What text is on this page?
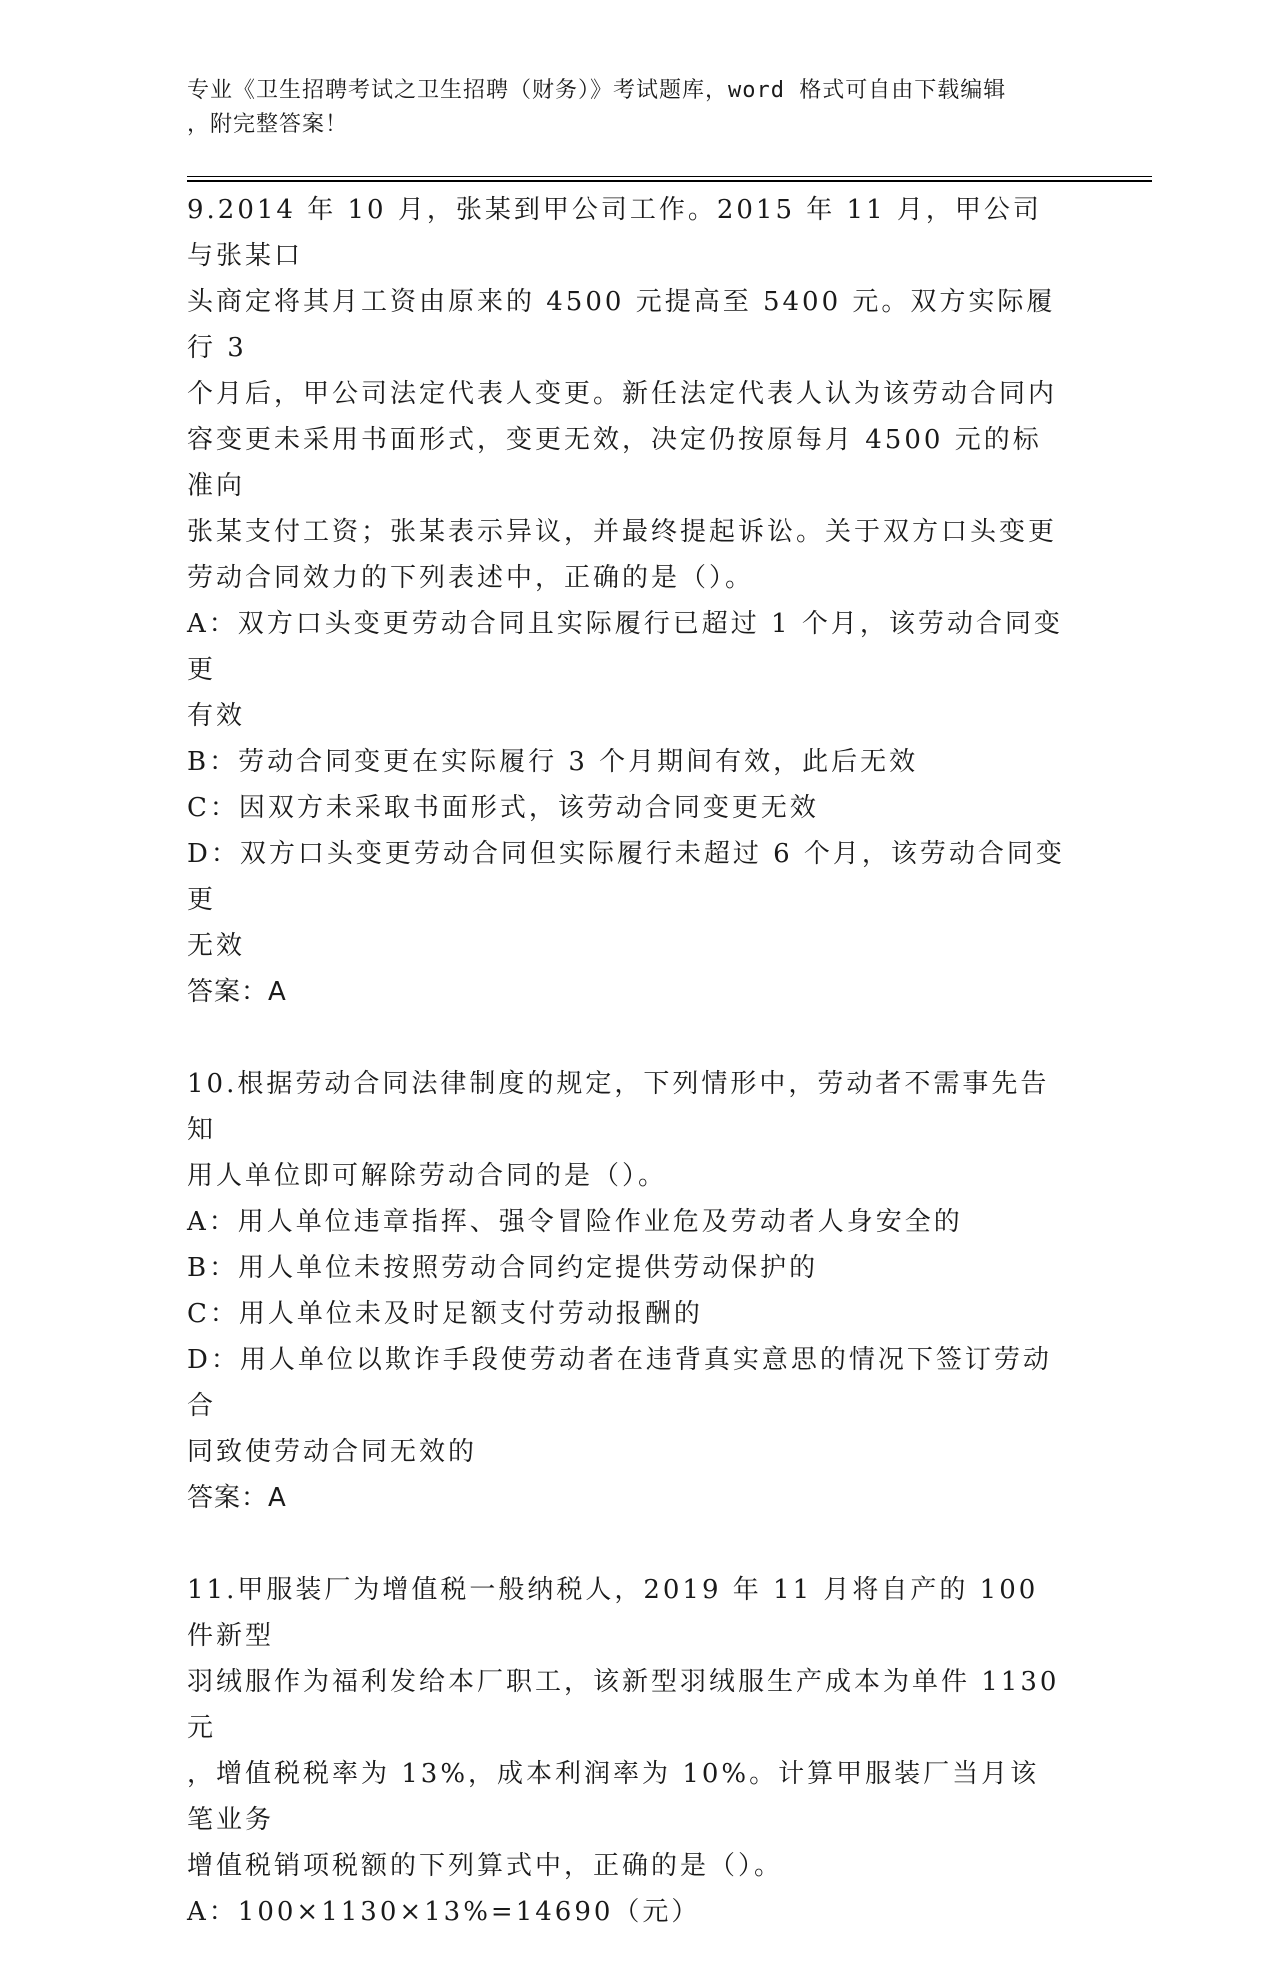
专业《卫生招聘考试之卫生招聘（财务）》考试题库，word 格式可自由下载编辑
，附完整答案！
9.2014 年 10 月，张某到甲公司工作。2015 年 11 月，甲公司与张某口
头商定将其月工资由原来的 4500 元提高至 5400 元。双方实际履行 3
个月后，甲公司法定代表人变更。新任法定代表人认为该劳动合同内
容变更未采用书面形式，变更无效，决定仍按原每月 4500 元的标准向
张某支付工资；张某表示异议，并最终提起诉讼。关于双方口头变更
劳动合同效力的下列表述中，正确的是（）。
A：双方口头变更劳动合同且实际履行已超过 1 个月，该劳动合同变更
有效
B：劳动合同变更在实际履行 3 个月期间有效，此后无效
C：因双方未采取书面形式，该劳动合同变更无效
D：双方口头变更劳动合同但实际履行未超过 6 个月，该劳动合同变更
无效
答案：A
10.根据劳动合同法律制度的规定，下列情形中，劳动者不需事先告知
用人单位即可解除劳动合同的是（）。
A：用人单位违章指挥、强令冒险作业危及劳动者人身安全的
B：用人单位未按照劳动合同约定提供劳动保护的
C：用人单位未及时足额支付劳动报酬的
D：用人单位以欺诈手段使劳动者在违背真实意思的情况下签订劳动合
同致使劳动合同无效的
答案：A
11.甲服装厂为增值税一般纳税人，2019 年 11 月将自产的 100 件新型
羽绒服作为福利发给本厂职工，该新型羽绒服生产成本为单件 1130 元
，增值税税率为 13%，成本利润率为 10%。计算甲服装厂当月该笔业务
增值税销项税额的下列算式中，正确的是（）。
A：100×1130×13%=14690（元）
